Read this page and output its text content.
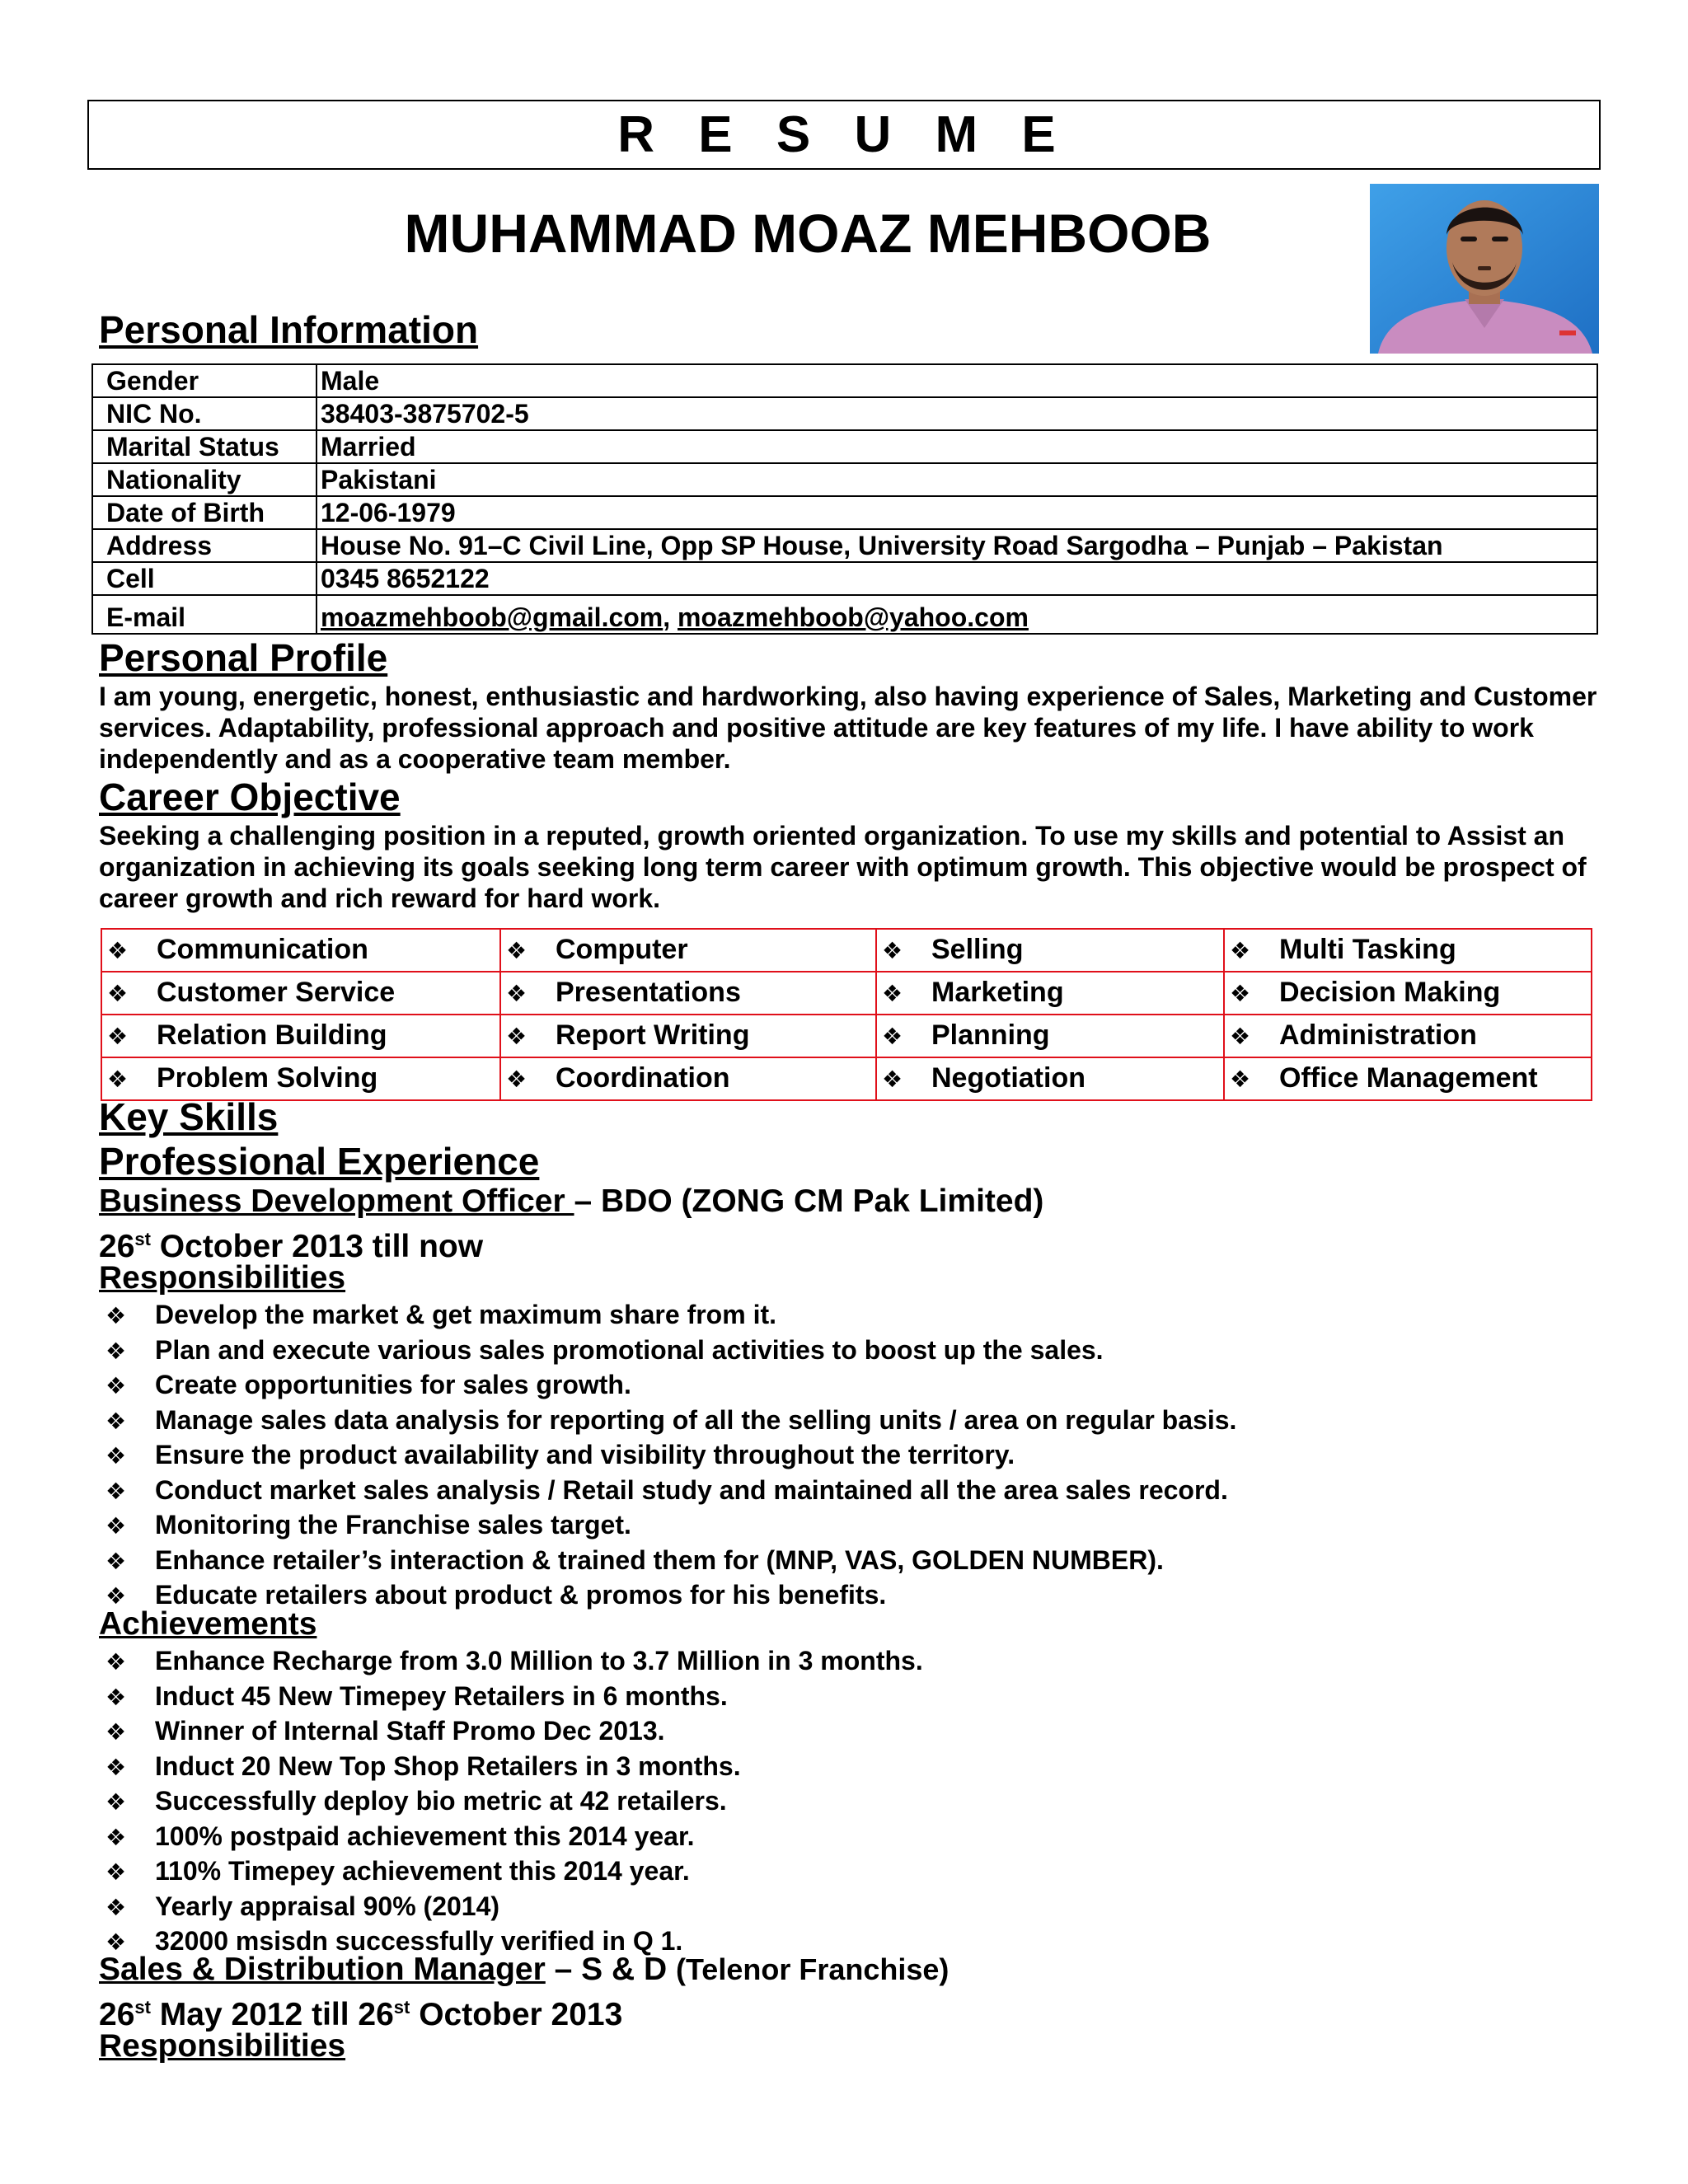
R E S U M E
MUHAMMAD MOAZ MEHBOOB
Personal Information
Gender	Male
NIC No.	38403-3875702-5
Marital Status	Married
Nationality	Pakistani
Date of Birth	12-06-1979
Address	House No. 91–C Civil Line, Opp SP House, University Road Sargodha – Punjab – Pakistan
Cell	0345 8652122
E-mail	moazmehboob@gmail.com, moazmehboob@yahoo.com
Personal Profile
I am young, energetic, honest, enthusiastic and hardworking, also having experience of Sales, Marketing and Customer services. Adaptability, professional approach and positive attitude are key features of my life. I have ability to work independently and as a cooperative team member.
Career Objective
Seeking a challenging position in a reputed, growth oriented organization. To use my skills and potential to Assist an organization in achieving its goals seeking long term career with optimum growth. This objective would be prospect of career growth and rich reward for hard work.
❖ Communication	❖ Computer	❖ Selling	❖ Multi Tasking
❖ Customer Service	❖ Presentations	❖ Marketing	❖ Decision Making
❖ Relation Building	❖ Report Writing	❖ Planning	❖ Administration
❖ Problem Solving	❖ Coordination	❖ Negotiation	❖ Office Management
Key Skills
Professional Experience
Business Development Officer – BDO (ZONG CM Pak Limited)
26st October 2013 till now
Responsibilities
❖ Develop the market & get maximum share from it.
❖ Plan and execute various sales promotional activities to boost up the sales.
❖ Create opportunities for sales growth.
❖ Manage sales data analysis for reporting of all the selling units / area on regular basis.
❖ Ensure the product availability and visibility throughout the territory.
❖ Conduct market sales analysis / Retail study and maintained all the area sales record.
❖ Monitoring the Franchise sales target.
❖ Enhance retailer’s interaction & trained them for (MNP, VAS, GOLDEN NUMBER).
❖ Educate retailers about product & promos for his benefits.
Achievements
❖ Enhance Recharge from 3.0 Million to 3.7 Million in 3 months.
❖ Induct 45 New Timepey Retailers in 6 months.
❖ Winner of Internal Staff Promo Dec 2013.
❖ Induct 20 New Top Shop Retailers in 3 months.
❖ Successfully deploy bio metric at 42 retailers.
❖ 100% postpaid achievement this 2014 year.
❖ 110% Timepey achievement this 2014 year.
❖ Yearly appraisal 90% (2014)
❖ 32000 msisdn successfully verified in Q 1.
Sales & Distribution Manager – S & D (Telenor Franchise)
26st May 2012 till 26st October 2013
Responsibilities
